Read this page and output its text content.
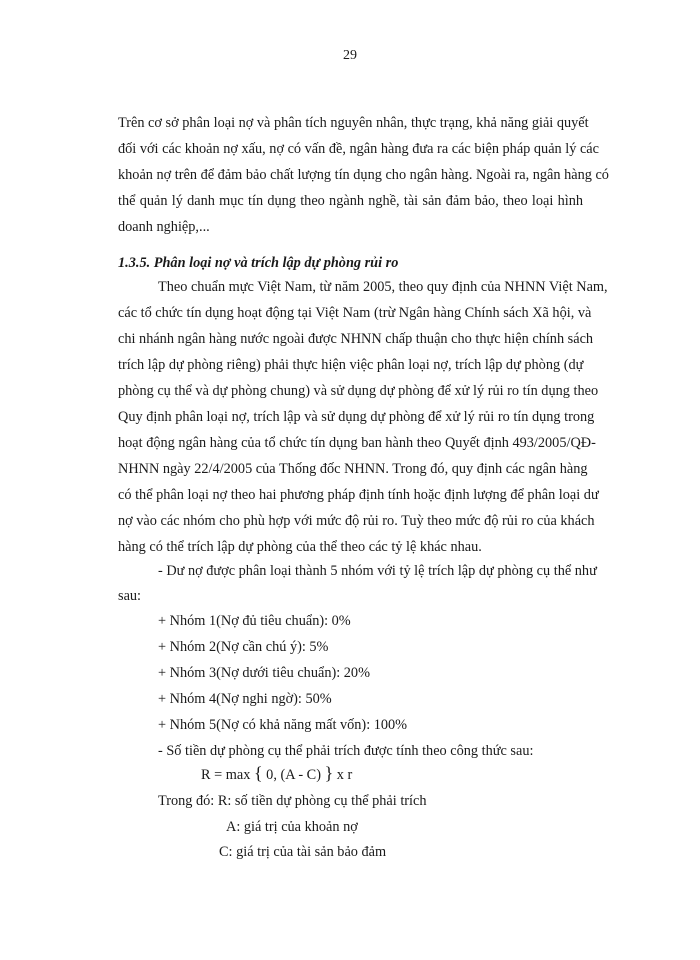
29
Trên cơ sở phân loại nợ và phân tích nguyên nhân, thực trạng, khả năng giải quyết
đối với các khoản nợ xấu, nợ có vấn đề, ngân hàng đưa ra các biện pháp quản lý các
khoản nợ trên để đảm bảo chất lượng tín dụng cho ngân hàng. Ngoài ra, ngân hàng có
thể quản lý danh mục tín dụng theo ngành nghề, tài sản đảm bảo, theo loại hình
doanh nghiệp,...
1.3.5. Phân loại nợ và trích lập dự phòng rủi ro
Theo chuẩn mực Việt Nam, từ năm 2005, theo quy định của NHNN Việt Nam,
các tổ chức tín dụng hoạt động tại Việt Nam (trừ Ngân hàng Chính sách Xã hội, và
chi nhánh ngân hàng nước ngoài được NHNN chấp thuận cho thực hiện chính sách
trích lập dự phòng riêng) phải thực hiện việc phân loại nợ, trích lập dự phòng (dự
phòng cụ thể và dự phòng chung) và sử dụng dự phòng để xử lý rủi ro tín dụng theo
Quy định phân loại nợ, trích lập và sử dụng dự phòng để xử lý rủi ro tín dụng trong
hoạt động ngân hàng của tổ chức tín dụng ban hành theo Quyết định 493/2005/QĐ-
NHNN ngày 22/4/2005 của Thống đốc NHNN. Trong đó, quy định các ngân hàng
có thể phân loại nợ theo hai phương pháp định tính hoặc định lượng để phân loại dư
nợ vào các nhóm cho phù hợp với mức độ rủi ro. Tuỳ theo mức độ rủi ro của khách
hàng có thể trích lập dự phòng của thể theo các tỷ lệ khác nhau.
- Dư nợ được phân loại thành 5 nhóm với tỷ lệ trích lập dự phòng cụ thể như
sau:
+ Nhóm 1(Nợ đủ tiêu chuẩn): 0%
+ Nhóm 2(Nợ cần chú ý): 5%
+ Nhóm 3(Nợ dưới tiêu chuẩn): 20%
+ Nhóm 4(Nợ nghi ngờ): 50%
+ Nhóm 5(Nợ có khả năng mất vốn): 100%
- Số tiền dự phòng cụ thể phải trích được tính theo công thức sau:
R = max { 0, (A - C) } x r
Trong đó: R: số tiền dự phòng cụ thể phải trích
A: giá trị của khoản nợ
C: giá trị của tài sản bảo đảm
